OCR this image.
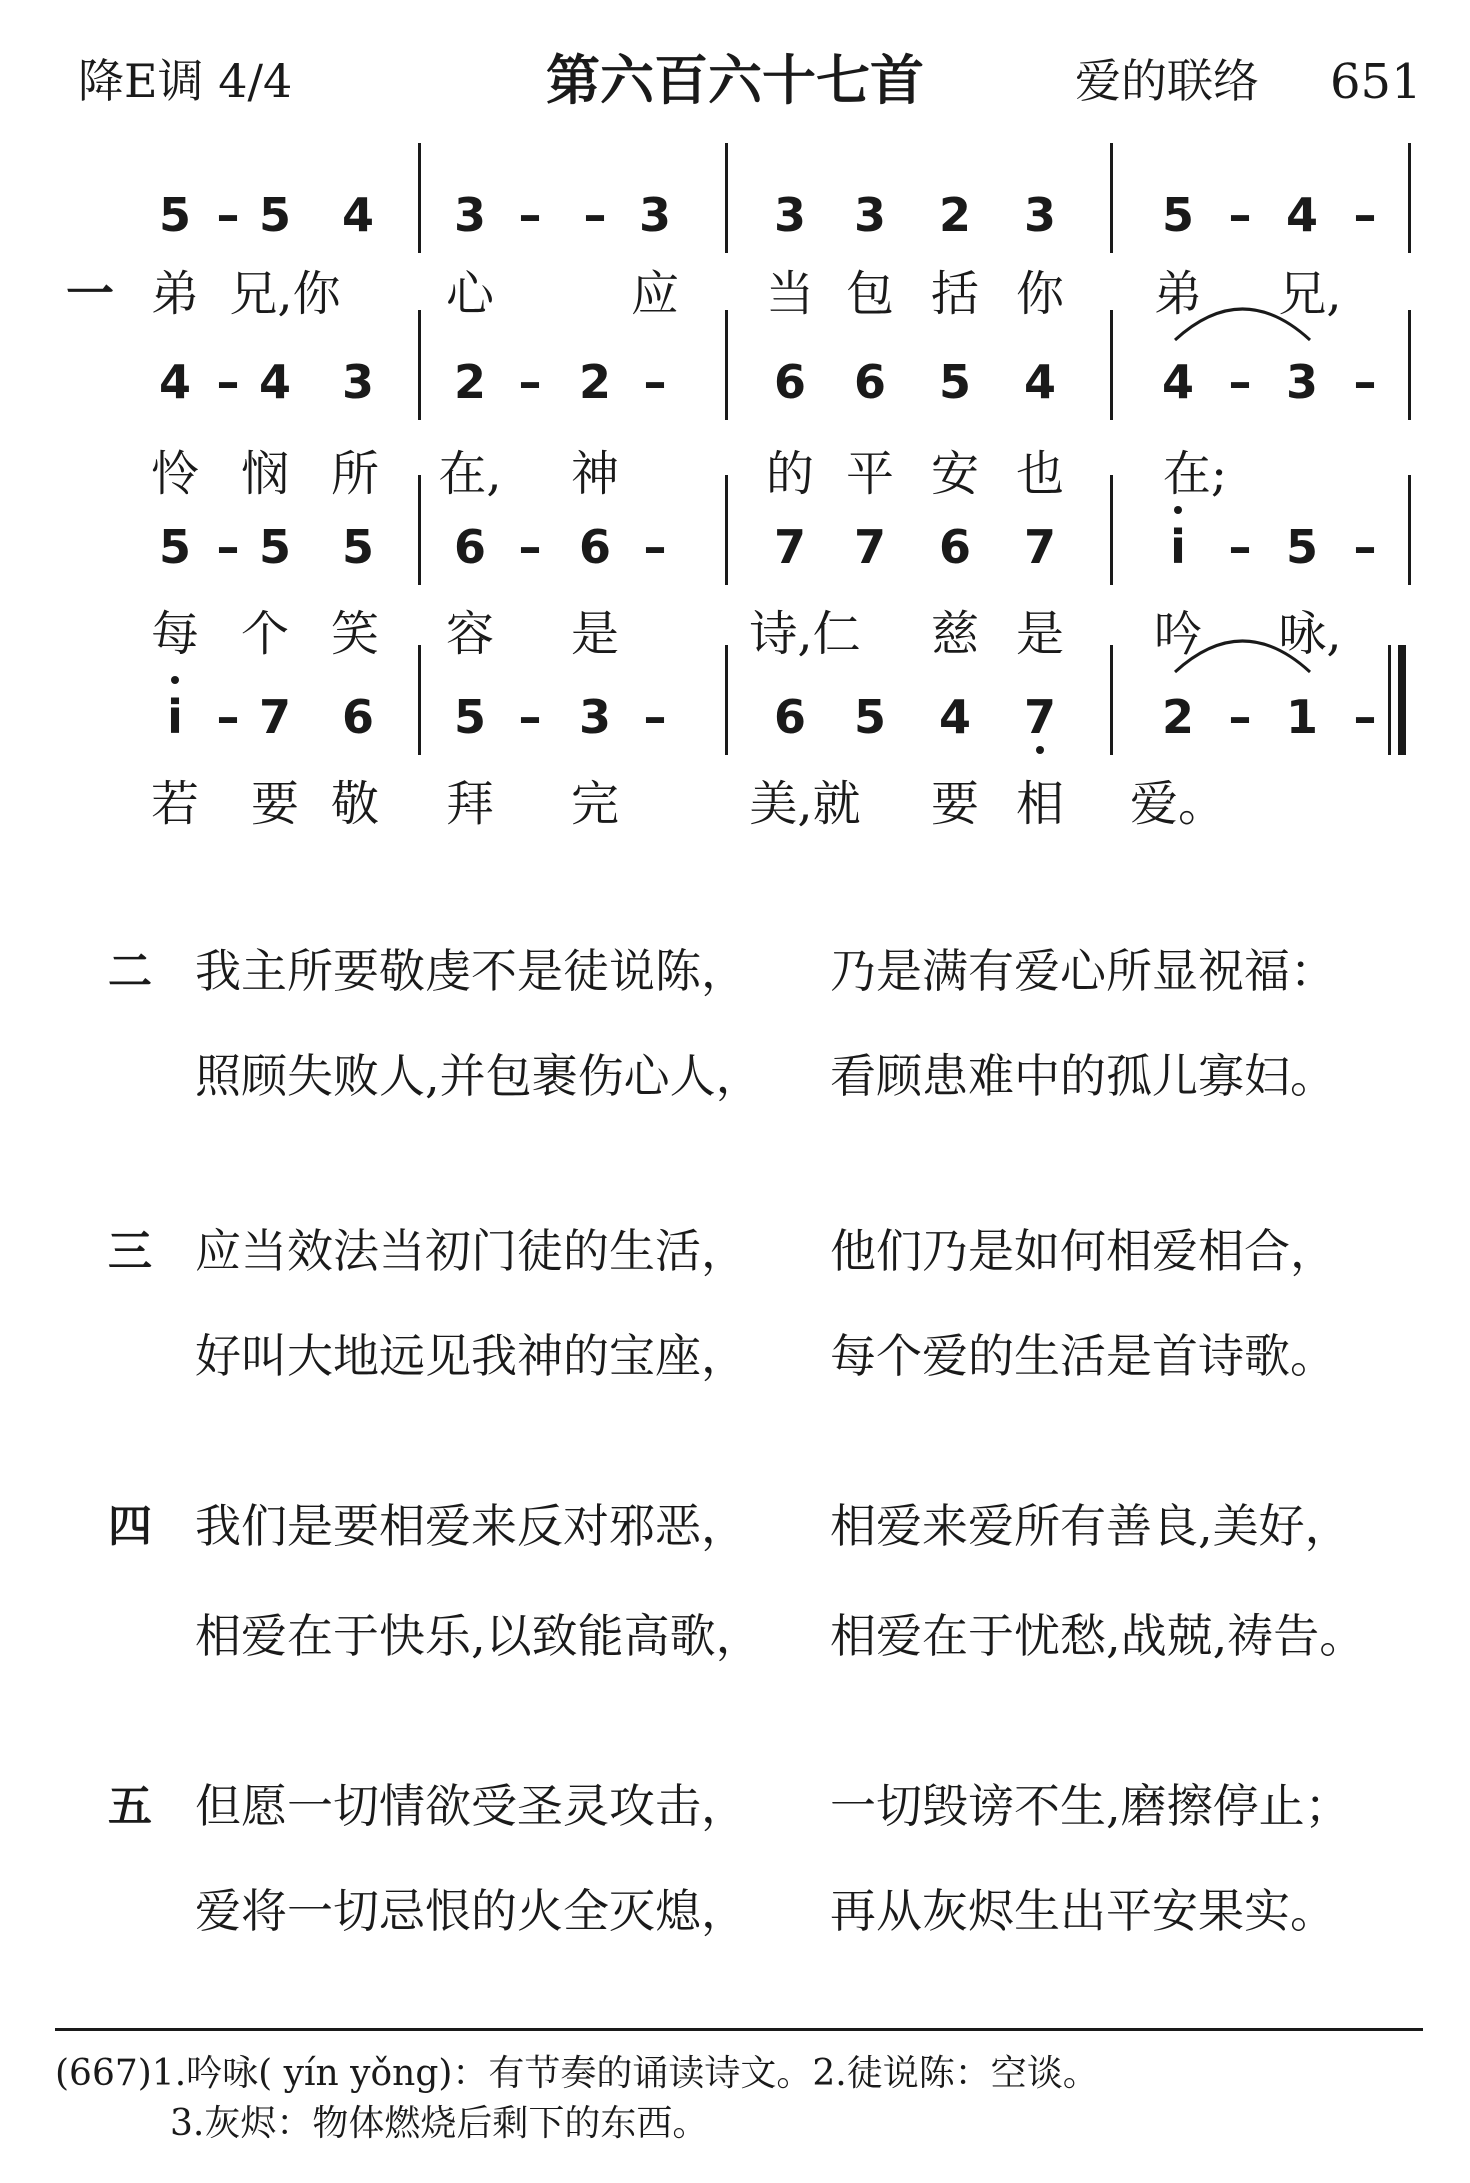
降E调 4/4	第六百六十七首	爱的联络 651
5 – 5 4 3 – – 3 3 3 2 3 5 – 4 –
一 弟 兄,你 心	应 当 包 括 你 弟 兄,
4 – 4 3 2 – 2 – 6 6 5 4 4 – 3 –
怜 悯 所 在, 神	的 平 安 也 在;
5 – 5 5 6 – 6 – 7 7 6 7 i – 5 –
每 个 笑 容 是	诗,仁 慈 是 吟 咏,
i – 7 6 5 – 3 – 6 5 4 7 2 – 1 –
若 要 敬 拜 完	美,就 要 相 爱。
二 我主所要敬虔不是徒说陈， 乃是满有爱心所显祝福：
照顾失败人,并包裹伤心人， 看顾患难中的孤儿寡妇。
三 应当效法当初门徒的生活， 他们乃是如何相爱相合，
好叫大地远见我神的宝座， 每个爱的生活是首诗歌。
四 我们是要相爱来反对邪恶， 相爱来爱所有善良,美好，
相爱在于快乐,以致能高歌， 相爱在于忧愁,战兢,祷告。
五 但愿一切情欲受圣灵攻击， 一切毁谤不生,磨擦停止；
爱将一切忌恨的火全灭熄， 再从灰烬生出平安果实。
(667)1.吟咏( yín yǒng)：有节奏的诵读诗文。2.徒说陈：空谈。
3.灰烬：物体燃烧后剩下的东西。
